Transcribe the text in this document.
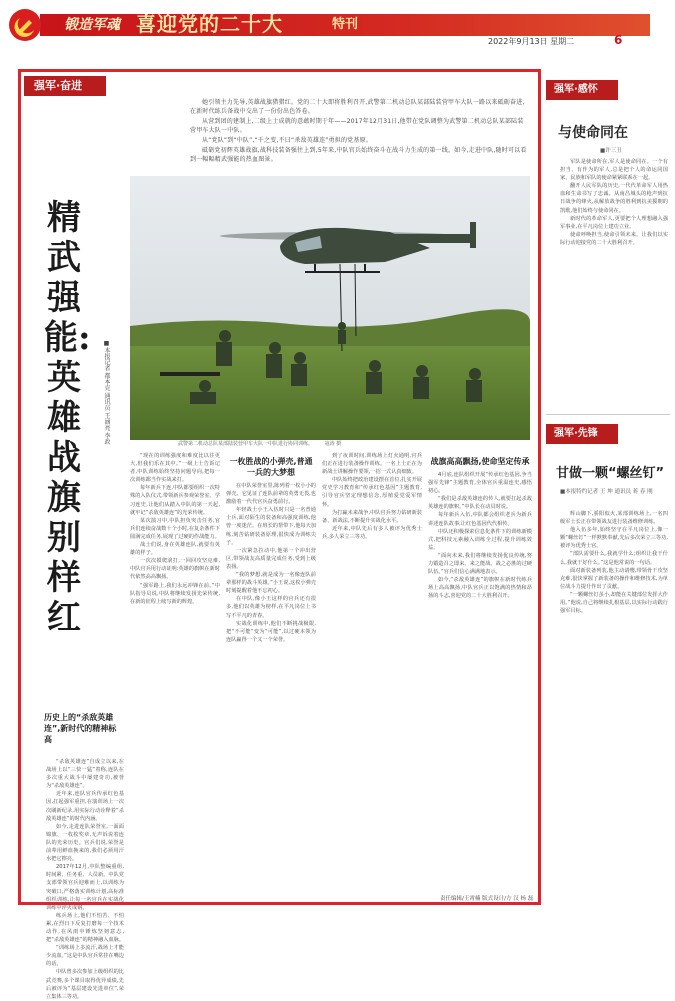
锻造军魂 喜迎党的二十大	特刊
2022年9月13日 星期二	6
强军·奋进

她引领主力先导,英雄战旗猎猎红。党的二十大即将胜利召开,武警第二机动总队某部陆装营甲车大队一路以来砥砺奋进,在新时代练兵备战中交出了一份份出色答卷。

从营到团的建制上,二级上士成就的意蕴时期于年——2017年12月31日,他带在党队调整为武警第二机动总队某部陆装营甲车大队一中队。

从“党队”到“中队”,“千之变,不曰“杀敌英雄连”勇担的党基原。

砥砺党初辉英雄战旗,战科技装备强往上到,5年来,中队官兵始终奋斗在战斗力生成的第一线。如今,走进中队,随时可以看到一幅幅精武强能的热血图景。

精武强能:英雄战旗别样红
■本报记者 都本克 通讯员 王涵亮 李政
历史上的“杀敌英雄连”,新时代的精神标高
武警第二机动总队某部陆装营甲车大队一中队进行协同训练。 寇涛 摄

“杀敌英雄连”自成立以来,在战场上以“三快一猛”着称,连队在多次重大战斗中屡建奇功,被誉为“杀敌英雄连”。

近年来,连队官兵传承红色基因,扛起强军重担,在演训场上一次次刷新纪录,用实际行动诠释着“杀敌英雄连”的时代内涵。

如今,走进连队荣誉室,一面面锦旗、一枚枚奖章,无声诉说着连队的光荣历史。官兵们说,荣誉是前辈用鲜血换来的,我们必须用汗水把它擦亮。

2017年12月,中队整编重组,时间紧、任务重、人员新。中队党支部带领官兵迎难而上,以训练为突破口,严格落实训练计划,高标准组织训练,让每一名官兵在实战化训练中淬火成钢。

练兵场上,他们不怕苦、不怕累,在烈日下反复打磨每一个技术动作,在风雨中锤炼坚韧意志,把“杀敌英雄连”的精神融入血脉。

“训练场上多流汗,战场上才能少流血。”这是中队官兵常挂在嘴边的话。

中队曾多次参加上级组织的比武竞赛,多个课目取得优异成绩,先后被评为“基层建设先进单位”,荣立集体三等功。

“现在的训练强度和难度比以往更大,但我们乐在其中。”一级上士告诉记者,中队训练始终坚持问题导向,把每一次训练都当作实战来打。

每年新兵下连,中队都要组织一次特殊的入队仪式,带领新兵参观荣誉室、学习连史,让他们从踏入中队的第一天起,就牢记“杀敌英雄连”的光荣传统。

某次演习中,中队担负突击任务,官兵们连续奋战数十个小时,在复杂条件下圆满完成任务,展现了过硬的作战能力。

战士们说,身在英雄连队,就要有英雄的样子。

一次次摸爬滚打,一回回攻坚克难,中队官兵用行动证明:英雄的旗帜在新时代依然高高飘扬。

“强军路上,我们永远冲锋在前。”中队指导员说,中队将继续发扬光荣传统,在新的征程上续写新的辉煌。

一枚胜战的小弹壳,普通一兵的大梦想

在中队荣誉室里,陈列着一枚小小的弹壳。它见证了连队前辈的英勇无畏,也激励着一代代官兵奋勇前行。

年轻战士小王入伍时只是一名普通士兵,面对陌生的装备和高强度训练,他曾一度迷茫。在班长的帮带下,他每天加练,刻苦钻研装备原理,很快成为训练尖子。

一次紧急拉动中,他第一个冲出营区,带领战友高质量完成任务,受到上级表扬。

“我的梦想,就是成为一名像连队前辈那样的战斗英雄。”小王说,这枚小弹壳时刻提醒着他不忘初心。

在中队,像小王这样的官兵还有很多,他们以英雄为榜样,在平凡岗位上书写不平凡的青春。

实战化训练中,他们不断挑战极限,把“不可能”变为“可能”,以过硬本领为连队赢得一个又一个荣誉。

到了夜训时间,训练场上灯火通明,官兵们正在进行装备操作训练。一名上士正在为新战士讲解操作要领,一招一式认真细致。

中队始终把政治建设摆在首位,扎实开展党史学习教育和“传承红色基因”主题教育,引导官兵坚定理想信念,厚植爱党爱军情怀。

为打赢未来战争,中队官兵努力钻研新装备、新战法,不断提升实战化水平。

近年来,中队先后有多人被评为优秀士兵,多人荣立三等功。

战旗高高飘扬,使命坚定传承

4月底,连队组织开展“传承红色基因,争当强军先锋”主题教育,全体官兵重温连史,感悟初心。

“我们是杀敌英雄连的传人,就要扛起杀敌英雄连的旗帜。”中队长在动员时说。

每年新兵入伍,中队都会组织老兵为新兵讲述连队故事,让红色基因代代相传。

中队还积极探索信息化条件下的训练新模式,把科技元素融入训练全过程,提升训练效益。

“面向未来,我们将继续发扬优良传统,努力锻造召之即来、来之能战、战之必胜的过硬队伍。”官兵们信心满满地表示。

如今,“杀敌英雄连”的旗帜在新时代练兵场上高高飘扬,中队官兵正以饱满的热情和昂扬的斗志,喜迎党的二十大胜利召开。

责任编辑/王霄楠 版式设计/方 汉 杨 磊
强军·感怀
与使命同在
■许三丑

军队是使命所在,军人是使命同在。一个有担当、有作为的军人,总是把个人的命运同国家、民族和军队的使命紧紧联系在一起。

翻开人民军队的历史,一代代革命军人用热血和生命书写了忠诚。从南昌城头的枪声到抗日战争的烽火,从解放战争的胜利到抗美援朝的凯歌,他们始终与使命同在。

新时代的革命军人,更要把个人理想融入强军事业,在平凡岗位上建功立业。

使命呼唤担当,使命引领未来。让我们以实际行动迎接党的二十大胜利召开。

强军·先锋
甘做一颗“螺丝钉”
■本报特约记者 王 坤 通讯员 蒋 春 刚

辉山脚下,骄阳似火,某部训练场上,一名四级军士长正在带领战友进行装备维修训练。

他入伍多年,始终坚守在平凡岗位上,像一颗“螺丝钉”一样默默奉献,先后多次荣立三等功,被评为优秀士官。

“部队需要什么,我就学什么;组织让我干什么,我就干好什么。”这是他常说的一句话。

面对新装备列装,他主动请缨,带领骨干攻坚克难,很快掌握了新装备的操作和维修技术,为单位战斗力提升作出了贡献。

“一颗螺丝钉虽小,却能在关键部位发挥大作用。”他说,自己将继续扎根基层,以实际行动践行强军目标。
